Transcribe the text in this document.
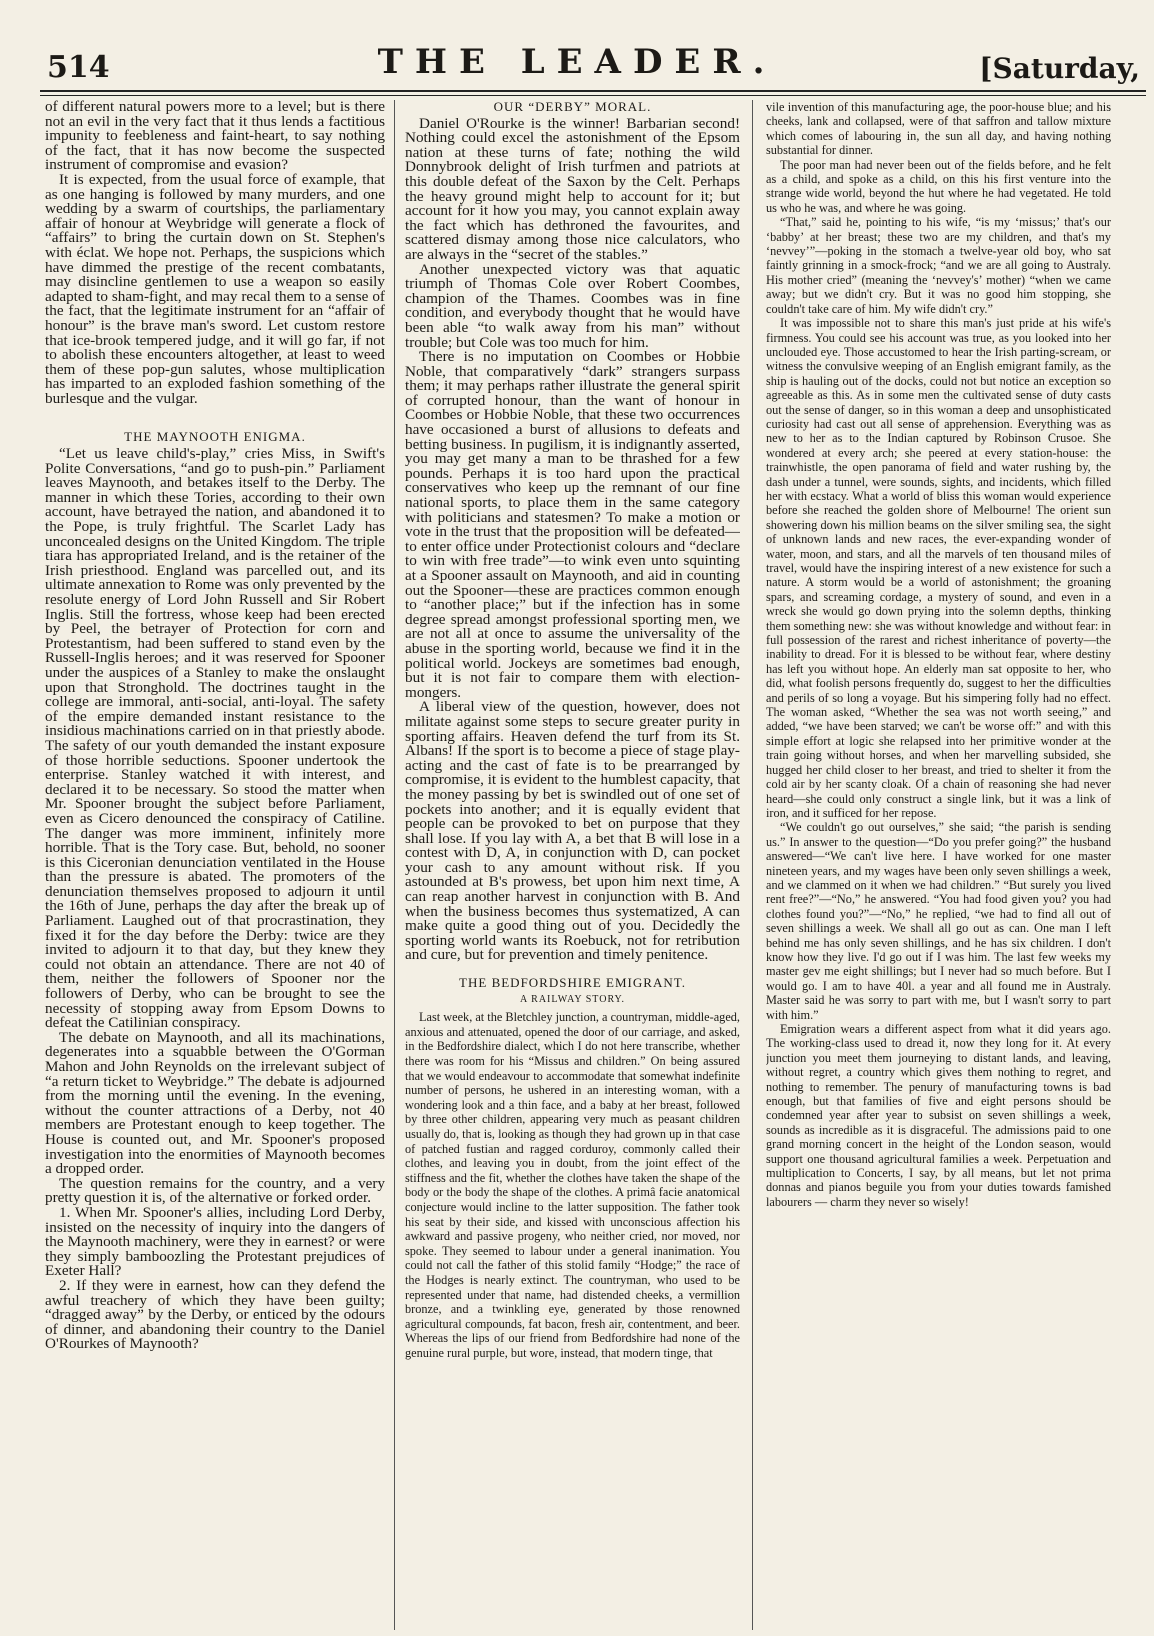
514	THE LEADER.	[Saturday,

of different natural powers more to a level; but is there not an evil in the very fact that it thus lends a factitious impunity to feebleness and faint-heart, to say nothing of the fact, that it has now become the suspected instrument of compromise and evasion?

It is expected, from the usual force of example, that as one hanging is followed by many murders, and one wedding by a swarm of courtships, the parliamentary affair of honour at Weybridge will generate a flock of “affairs” to bring the curtain down on St. Stephen's with éclat. We hope not. Perhaps, the suspicions which have dimmed the prestige of the recent combatants, may disincline gentlemen to use a weapon so easily adapted to sham-fight, and may recal them to a sense of the fact, that the legitimate instrument for an “affair of honour” is the brave man's sword. Let custom restore that ice-brook tempered judge, and it will go far, if not to abolish these encounters altogether, at least to weed them of these pop-gun salutes, whose multiplication has imparted to an exploded fashion something of the burlesque and the vulgar.

THE MAYNOOTH ENIGMA.

“Let us leave child's-play,” cries Miss, in Swift's Polite Conversations, “and go to push-pin.” Parliament leaves Maynooth, and betakes itself to the Derby. The manner in which these Tories, according to their own account, have betrayed the nation, and abandoned it to the Pope, is truly frightful. The Scarlet Lady has unconcealed designs on the United Kingdom. The triple tiara has appropriated Ireland, and is the retainer of the Irish priesthood. England was parcelled out, and its ultimate annexation to Rome was only prevented by the resolute energy of Lord John Russell and Sir Robert Inglis. Still the fortress, whose keep had been erected by Peel, the betrayer of Protection for corn and Protestantism, had been suffered to stand even by the Russell-Inglis heroes; and it was reserved for Spooner under the auspices of a Stanley to make the onslaught upon that Stronghold. The doctrines taught in the college are immoral, anti-social, anti-loyal. The safety of the empire demanded instant resistance to the insidious machinations carried on in that priestly abode. The safety of our youth demanded the instant exposure of those horrible seductions. Spooner undertook the enterprise. Stanley watched it with interest, and declared it to be necessary. So stood the matter when Mr. Spooner brought the subject before Parliament, even as Cicero denounced the conspiracy of Catiline. The danger was more imminent, infinitely more horrible. That is the Tory case. But, behold, no sooner is this Ciceronian denunciation ventilated in the House than the pressure is abated. The promoters of the denunciation themselves proposed to adjourn it until the 16th of June, perhaps the day after the break up of Parliament. Laughed out of that procrastination, they fixed it for the day before the Derby: twice are they invited to adjourn it to that day, but they knew they could not obtain an attendance. There are not 40 of them, neither the followers of Spooner nor the followers of Derby, who can be brought to see the necessity of stopping away from Epsom Downs to defeat the Catilinian conspiracy.

The debate on Maynooth, and all its machinations, degenerates into a squabble between the O'Gorman Mahon and John Reynolds on the irrelevant subject of “a return ticket to Weybridge.” The debate is adjourned from the morning until the evening. In the evening, without the counter attractions of a Derby, not 40 members are Protestant enough to keep together. The House is counted out, and Mr. Spooner's proposed investigation into the enormities of Maynooth becomes a dropped order.

The question remains for the country, and a very pretty question it is, of the alternative or forked order.

1. When Mr. Spooner's allies, including Lord Derby, insisted on the necessity of inquiry into the dangers of the Maynooth machinery, were they in earnest? or were they simply bamboozling the Protestant prejudices of Exeter Hall?

2. If they were in earnest, how can they defend the awful treachery of which they have been guilty; “dragged away” by the Derby, or enticed by the odours of dinner, and abandoning their country to the Daniel O'Rourkes of Maynooth?

OUR “DERBY” MORAL.

Daniel O'Rourke is the winner! Barbarian second! Nothing could excel the astonishment of the Epsom nation at these turns of fate; nothing the wild Donnybrook delight of Irish turfmen and patriots at this double defeat of the Saxon by the Celt. Perhaps the heavy ground might help to account for it; but account for it how you may, you cannot explain away the fact which has dethroned the favourites, and scattered dismay among those nice calculators, who are always in the “secret of the stables.”

Another unexpected victory was that aquatic triumph of Thomas Cole over Robert Coombes, champion of the Thames. Coombes was in fine condition, and everybody thought that he would have been able “to walk away from his man” without trouble; but Cole was too much for him.

There is no imputation on Coombes or Hobbie Noble, that comparatively “dark” strangers surpass them; it may perhaps rather illustrate the general spirit of corrupted honour, than the want of honour in Coombes or Hobbie Noble, that these two occurrences have occasioned a burst of allusions to defeats and betting business. In pugilism, it is indignantly asserted, you may get many a man to be thrashed for a few pounds. Perhaps it is too hard upon the practical conservatives who keep up the remnant of our fine national sports, to place them in the same category with politicians and statesmen? To make a motion or vote in the trust that the proposition will be defeated—to enter office under Protectionist colours and “declare to win with free trade”—to wink even unto squinting at a Spooner assault on Maynooth, and aid in counting out the Spooner—these are practices common enough to “another place;” but if the infection has in some degree spread amongst professional sporting men, we are not all at once to assume the universality of the abuse in the sporting world, because we find it in the political world. Jockeys are sometimes bad enough, but it is not fair to compare them with election-mongers.

A liberal view of the question, however, does not militate against some steps to secure greater purity in sporting affairs. Heaven defend the turf from its St. Albans! If the sport is to become a piece of stage play-acting and the cast of fate is to be prearranged by compromise, it is evident to the humblest capacity, that the money passing by bet is swindled out of one set of pockets into another; and it is equally evident that people can be provoked to bet on purpose that they shall lose. If you lay with A, a bet that B will lose in a contest with D, A, in conjunction with D, can pocket your cash to any amount without risk. If you astounded at B's prowess, bet upon him next time, A can reap another harvest in conjunction with B. And when the business becomes thus systematized, A can make quite a good thing out of you. Decidedly the sporting world wants its Roebuck, not for retribution and cure, but for prevention and timely penitence.

THE BEDFORDSHIRE EMIGRANT.

A RAILWAY STORY.

Last week, at the Bletchley junction, a countryman, middle-aged, anxious and attenuated, opened the door of our carriage, and asked, in the Bedfordshire dialect, which I do not here transcribe, whether there was room for his “Missus and children.” On being assured that we would endeavour to accommodate that somewhat indefinite number of persons, he ushered in an interesting woman, with a wondering look and a thin face, and a baby at her breast, followed by three other children, appearing very much as peasant children usually do, that is, looking as though they had grown up in that case of patched fustian and ragged corduroy, commonly called their clothes, and leaving you in doubt, from the joint effect of the stiffness and the fit, whether the clothes have taken the shape of the body or the body the shape of the clothes. A primâ facie anatomical conjecture would incline to the latter supposition. The father took his seat by their side, and kissed with unconscious affection his awkward and passive progeny, who neither cried, nor moved, nor spoke. They seemed to labour under a general inanimation. You could not call the father of this stolid family “Hodge;” the race of the Hodges is nearly extinct. The countryman, who used to be represented under that name, had distended cheeks, a vermillion bronze, and a twinkling eye, generated by those renowned agricultural compounds, fat bacon, fresh air, contentment, and beer. Whereas the lips of our friend from Bedfordshire had none of the genuine rural purple, but wore, instead, that modern tinge, that

vile invention of this manufacturing age, the poor-house blue; and his cheeks, lank and collapsed, were of that saffron and tallow mixture which comes of labouring in, the sun all day, and having nothing substantial for dinner.

The poor man had never been out of the fields before, and he felt as a child, and spoke as a child, on this his first venture into the strange wide world, beyond the hut where he had vegetated. He told us who he was, and where he was going.

“That,” said he, pointing to his wife, “is my ‘missus;’ that's our ‘babby’ at her breast; these two are my children, and that's my ‘nevvey’”—poking in the stomach a twelve-year old boy, who sat faintly grinning in a smock-frock; “and we are all going to Australy. His mother cried” (meaning the ‘nevvey's’ mother) “when we came away; but we didn't cry. But it was no good him stopping, she couldn't take care of him. My wife didn't cry.”

It was impossible not to share this man's just pride at his wife's firmness. You could see his account was true, as you looked into her unclouded eye. Those accustomed to hear the Irish parting-scream, or witness the convulsive weeping of an English emigrant family, as the ship is hauling out of the docks, could not but notice an exception so agreeable as this. As in some men the cultivated sense of duty casts out the sense of danger, so in this woman a deep and unsophisticated curiosity had cast out all sense of apprehension. Everything was as new to her as to the Indian captured by Robinson Crusoe. She wondered at every arch; she peered at every station-house: the trainwhistle, the open panorama of field and water rushing by, the dash under a tunnel, were sounds, sights, and incidents, which filled her with ecstacy. What a world of bliss this woman would experience before she reached the golden shore of Melbourne! The orient sun showering down his million beams on the silver smiling sea, the sight of unknown lands and new races, the ever-expanding wonder of water, moon, and stars, and all the marvels of ten thousand miles of travel, would have the inspiring interest of a new existence for such a nature. A storm would be a world of astonishment; the groaning spars, and screaming cordage, a mystery of sound, and even in a wreck she would go down prying into the solemn depths, thinking them something new: she was without knowledge and without fear: in full possession of the rarest and richest inheritance of poverty—the inability to dread. For it is blessed to be without fear, where destiny has left you without hope. An elderly man sat opposite to her, who did, what foolish persons frequently do, suggest to her the difficulties and perils of so long a voyage. But his simpering folly had no effect. The woman asked, “Whether the sea was not worth seeing,” and added, “we have been starved; we can't be worse off:” and with this simple effort at logic she relapsed into her primitive wonder at the train going without horses, and when her marvelling subsided, she hugged her child closer to her breast, and tried to shelter it from the cold air by her scanty cloak. Of a chain of reasoning she had never heard—she could only construct a single link, but it was a link of iron, and it sufficed for her repose.

“We couldn't go out ourselves,” she said; “the parish is sending us.” In answer to the question—“Do you prefer going?” the husband answered—“We can't live here. I have worked for one master nineteen years, and my wages have been only seven shillings a week, and we clammed on it when we had children.” “But surely you lived rent free?”—“No,” he answered. “You had food given you? you had clothes found you?”—“No,” he replied, “we had to find all out of seven shillings a week. We shall all go out as can. One man I left behind me has only seven shillings, and he has six children. I don't know how they live. I'd go out if I was him. The last few weeks my master gev me eight shillings; but I never had so much before. But I would go. I am to have 40l. a year and all found me in Australy. Master said he was sorry to part with me, but I wasn't sorry to part with him.”

Emigration wears a different aspect from what it did years ago. The working-class used to dread it, now they long for it. At every junction you meet them journeying to distant lands, and leaving, without regret, a country which gives them nothing to regret, and nothing to remember. The penury of manufacturing towns is bad enough, but that families of five and eight persons should be condemned year after year to subsist on seven shillings a week, sounds as incredible as it is disgraceful. The admissions paid to one grand morning concert in the height of the London season, would support one thousand agricultural families a week. Perpetuation and multiplication to Concerts, I say, by all means, but let not prima donnas and pianos beguile you from your duties towards famished labourers — charm they never so wisely!
